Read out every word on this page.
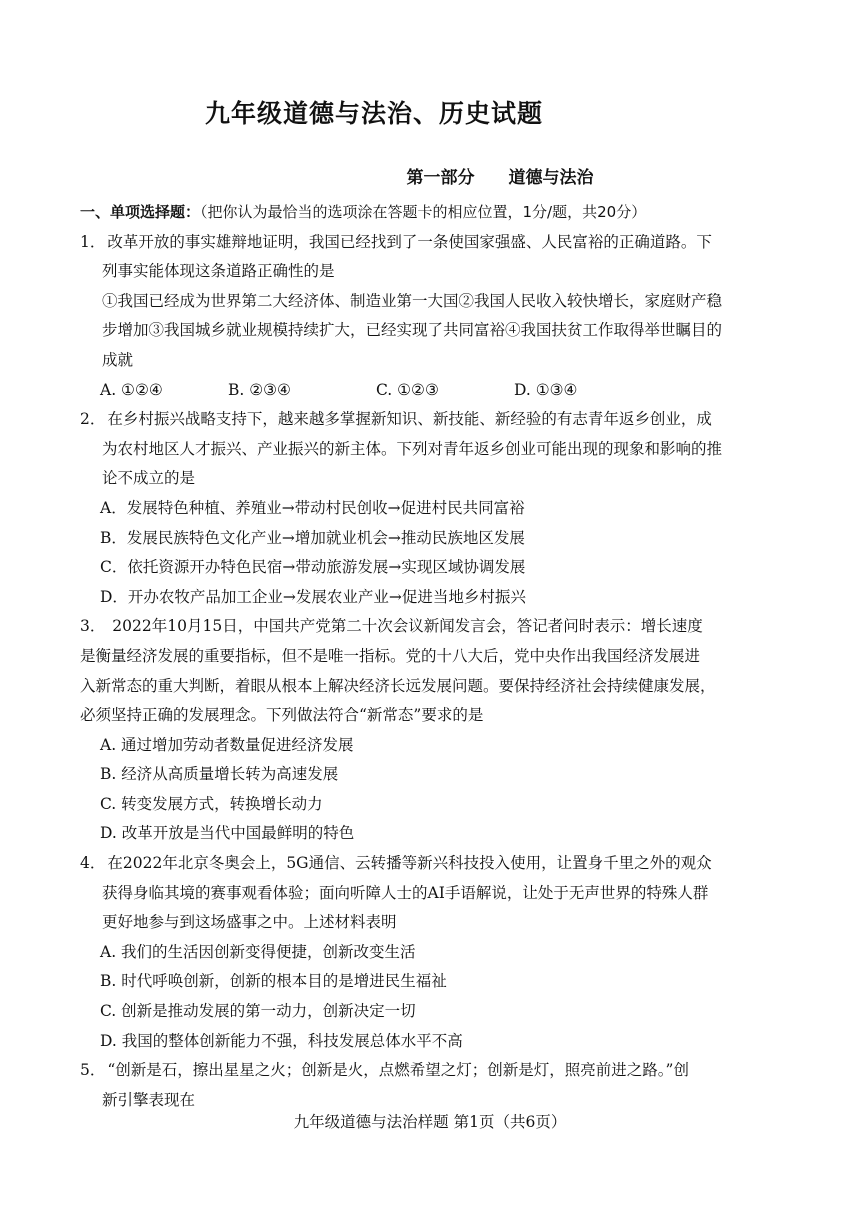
九年级道德与法治、历史试题
第一部分 道德与法治
一、单项选择题：（把你认为最恰当的选项涂在答题卡的相应位置，1分/题，共20分）
1． 改革开放的事实雄辩地证明，我国已经找到了一条使国家强盛、人民富裕的正确道路。下
列事实能体现这条道路正确性的是
①我国已经成为世界第二大经济体、制造业第一大国②我国人民收入较快增长，家庭财产稳
步增加③我国城乡就业规模持续扩大，已经实现了共同富裕④我国扶贫工作取得举世瞩目的
成就
A. ①②④	B. ②③④	C. ①②③	D. ①③④
2． 在乡村振兴战略支持下，越来越多掌握新知识、新技能、新经验的有志青年返乡创业，成
为农村地区人才振兴、产业振兴的新主体。下列对青年返乡创业可能出现的现象和影响的推
论不成立的是
A．发展特色种植、养殖业→带动村民创收→促进村民共同富裕
B．发展民族特色文化产业→增加就业机会→推动民族地区发展
C．依托资源开办特色民宿→带动旅游发展→实现区域协调发展
D．开办农牧产品加工企业→发展农业产业→促进当地乡村振兴
3． 2022年10月15日，中国共产党第二十次会议新闻发言会，答记者问时表示：增长速度
是衡量经济发展的重要指标，但不是唯一指标。党的十八大后，党中央作出我国经济发展进
入新常态的重大判断，着眼从根本上解决经济长远发展问题。要保持经济社会持续健康发展，
必须坚持正确的发展理念。下列做法符合“新常态”要求的是
A. 通过增加劳动者数量促进经济发展
B. 经济从高质量增长转为高速发展
C. 转变发展方式，转换增长动力
D. 改革开放是当代中国最鲜明的特色
4． 在2022年北京冬奥会上，5G通信、云转播等新兴科技投入使用，让置身千里之外的观众
获得身临其境的赛事观看体验；面向听障人士的AI手语解说，让处于无声世界的特殊人群
更好地参与到这场盛事之中。上述材料表明
A. 我们的生活因创新变得便捷，创新改变生活
B. 时代呼唤创新，创新的根本目的是增进民生福祉
C. 创新是推动发展的第一动力，创新决定一切
D. 我国的整体创新能力不强，科技发展总体水平不高
5． “创新是石，擦出星星之火；创新是火，点燃希望之灯；创新是灯，照亮前进之路。”创
新引擎表现在
九年级道德与法治样题 第1页（共6页）
